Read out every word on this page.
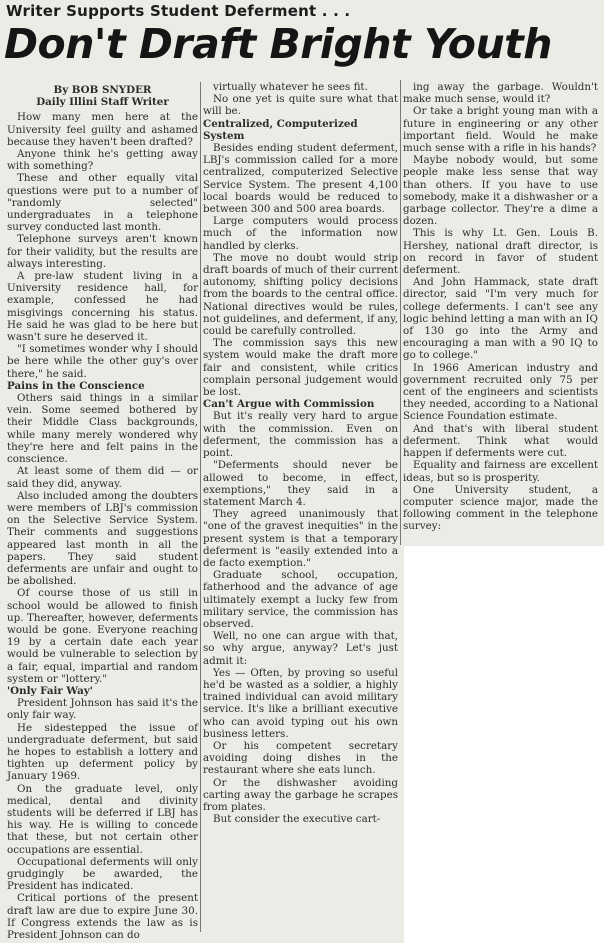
Writer Supports Student Deferment . . .
Don't Draft Bright Youth

By BOB SNYDER

Daily Illini Staff Writer

How many men here at the University feel guilty and ashamed because they haven't been drafted?

Anyone think he's getting away with something?

These and other equally vital questions were put to a number of "randomly selected" undergraduates in a telephone survey conducted last month.

Telephone surveys aren't known for their validity, but the results are always interesting.

A pre-law student living in a University residence hall, for example, confessed he had misgivings concerning his status. He said he was glad to be here but wasn't sure he deserved it.

"I sometimes wonder why I should be here while the other guy's over there," he said.

Pains in the Conscience

Others said things in a similar vein. Some seemed bothered by their Middle Class backgrounds, while many merely wondered why they're here and felt pains in the conscience.

At least some of them did — or said they did, anyway.

Also included among the doubters were members of LBJ's commission on the Selective Service System. Their comments and suggestions appeared last month in all the papers. They said student deferments are unfair and ought to be abolished.

Of course those of us still in school would be allowed to finish up. Thereafter, however, deferments would be gone. Everyone reaching 19 by a certain date each year would be vulnerable to selection by a fair, equal, impartial and random system or "lottery."

'Only Fair Way'

President Johnson has said it's the only fair way.

He sidestepped the issue of undergraduate deferment, but said he hopes to establish a lottery and tighten up deferment policy by January 1969.

On the graduate level, only medical, dental and divinity students will be deferred if LBJ has his way. He is willing to concede that these, but not certain other occupations are essential.

Occupational deferments will only grudgingly be awarded, the President has indicated.

Critical portions of the present draft law are due to expire June 30. If Congress extends the law as is President Johnson can do

virtually whatever he sees fit.

No one yet is quite sure what that will be.

Centralized, Computerized System

Besides ending student deferment, LBJ's commission called for a more centralized, computerized Selective Service System. The present 4,100 local boards would be reduced to between 300 and 500 area boards.

Large computers would process much of the information now handled by clerks.

The move no doubt would strip draft boards of much of their current autonomy, shifting policy decisions from the boards to the central office. National directives would be rules, not guidelines, and deferment, if any, could be carefully controlled.

The commission says this new system would make the draft more fair and consistent, while critics complain personal judgement would be lost.

Can't Argue with Commission

But it's really very hard to argue with the commission. Even on deferment, the commission has a point.

"Deferments should never be allowed to become, in effect, exemptions," they said in a statement March 4.

They agreed unanimously that "one of the gravest inequities" in the present system is that a temporary deferment is "easily extended into a de facto exemption."

Graduate school, occupation, fatherhood and the advance of age ultimately exempt a lucky few from military service, the commission has observed.

Well, no one can argue with that, so why argue, anyway? Let's just admit it:

Yes — Often, by proving so useful he'd be wasted as a soldier, a highly trained individual can avoid military service. It's like a brilliant executive who can avoid typing out his own business letters.

Or his competent secretary avoiding doing dishes in the restaurant where she eats lunch.

Or the dishwasher avoiding carting away the garbage he scrapes from plates.

But consider the executive cart-

ing away the garbage. Wouldn't make much sense, would it?

Or take a bright young man with a future in engineering or any other important field. Would he make much sense with a rifle in his hands?

Maybe nobody would, but some people make less sense that way than others. If you have to use somebody, make it a dishwasher or a garbage collector. They're a dime a dozen.

This is why Lt. Gen. Louis B. Hershey, national draft director, is on record in favor of student deferment.

And John Hammack, state draft director, said "I'm very much for college deferments. I can't see any logic behind letting a man with an IQ of 130 go into the Army and encouraging a man with a 90 IQ to go to college."

In 1966 American industry and government recruited only 75 per cent of the engineers and scientists they needed, according to a National Science Foundation estimate.

And that's with liberal student deferment. Think what would happen if deferments were cut.

Equality and fairness are excellent ideas, but so is prosperity.

One University student, a computer science major, made the following comment in the telephone survey:
